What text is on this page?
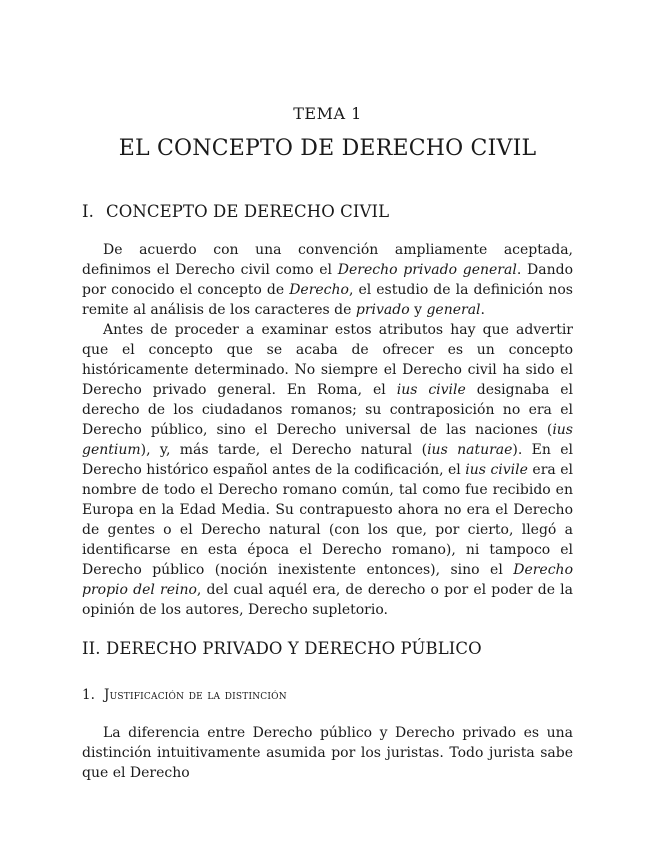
TEMA 1
EL CONCEPTO DE DERECHO CIVIL
I. CONCEPTO DE DERECHO CIVIL

De acuerdo con una convención ampliamente aceptada, definimos el Derecho civil como el Derecho privado general. Dando por conocido el concepto de Derecho, el estudio de la definición nos remite al análisis de los caracteres de privado y general.

Antes de proceder a examinar estos atributos hay que advertir que el concepto que se acaba de ofrecer es un concepto históricamente determinado. No siempre el Derecho civil ha sido el Derecho privado general. En Roma, el ius civile designaba el derecho de los ciudadanos romanos; su contraposición no era el Derecho público, sino el Derecho universal de las naciones (ius gentium), y, más tarde, el Derecho natural (ius naturae). En el Derecho histórico español antes de la codificación, el ius civile era el nombre de todo el Derecho romano común, tal como fue recibido en Europa en la Edad Media. Su contrapuesto ahora no era el Derecho de gentes o el Derecho natural (con los que, por cierto, llegó a identificarse en esta época el Derecho romano), ni tampoco el Derecho público (noción inexistente entonces), sino el Derecho propio del reino, del cual aquél era, de derecho o por el poder de la opinión de los autores, Derecho supletorio.

II. DERECHO PRIVADO Y DERECHO PÚBLICO
1. Justificación de la distinción

La diferencia entre Derecho público y Derecho privado es una distinción intuitivamente asumida por los juristas. Todo jurista sabe que el Derecho
